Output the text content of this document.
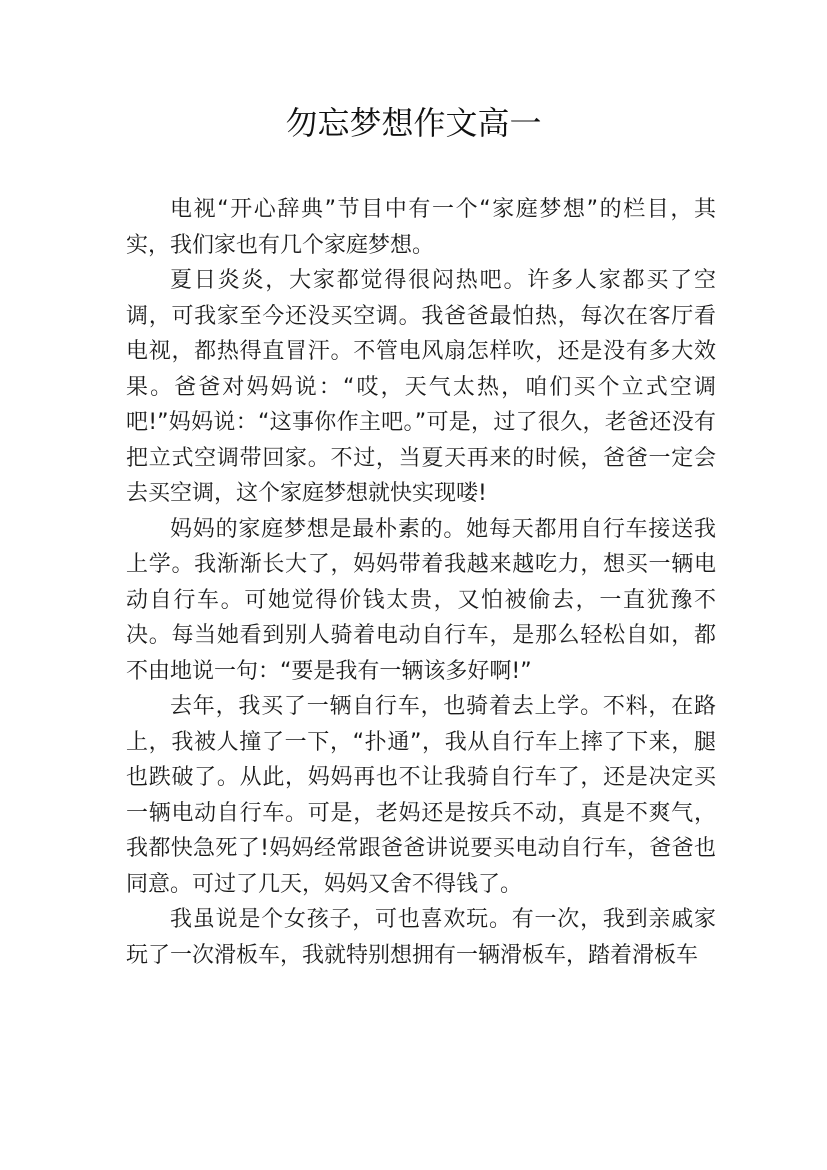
勿忘梦想作文高一

电视“开心辞典”节目中有一个“家庭梦想”的栏目，其实，我们家也有几个家庭梦想。

夏日炎炎，大家都觉得很闷热吧。许多人家都买了空调，可我家至今还没买空调。我爸爸最怕热，每次在客厅看电视，都热得直冒汗。不管电风扇怎样吹，还是没有多大效果。爸爸对妈妈说：“哎，天气太热，咱们买个立式空调吧!”妈妈说：“这事你作主吧。”可是，过了很久，老爸还没有把立式空调带回家。不过，当夏天再来的时候，爸爸一定会去买空调，这个家庭梦想就快实现喽!

妈妈的家庭梦想是最朴素的。她每天都用自行车接送我上学。我渐渐长大了，妈妈带着我越来越吃力，想买一辆电动自行车。可她觉得价钱太贵，又怕被偷去，一直犹豫不决。每当她看到别人骑着电动自行车，是那么轻松自如，都不由地说一句：“要是我有一辆该多好啊!”

去年，我买了一辆自行车，也骑着去上学。不料，在路上，我被人撞了一下，“扑通”，我从自行车上摔了下来，腿也跌破了。从此，妈妈再也不让我骑自行车了，还是决定买一辆电动自行车。可是，老妈还是按兵不动，真是不爽气，我都快急死了!妈妈经常跟爸爸讲说要买电动自行车，爸爸也同意。可过了几天，妈妈又舍不得钱了。

我虽说是个女孩子，可也喜欢玩。有一次，我到亲戚家玩了一次滑板车，我就特别想拥有一辆滑板车，踏着滑板车
